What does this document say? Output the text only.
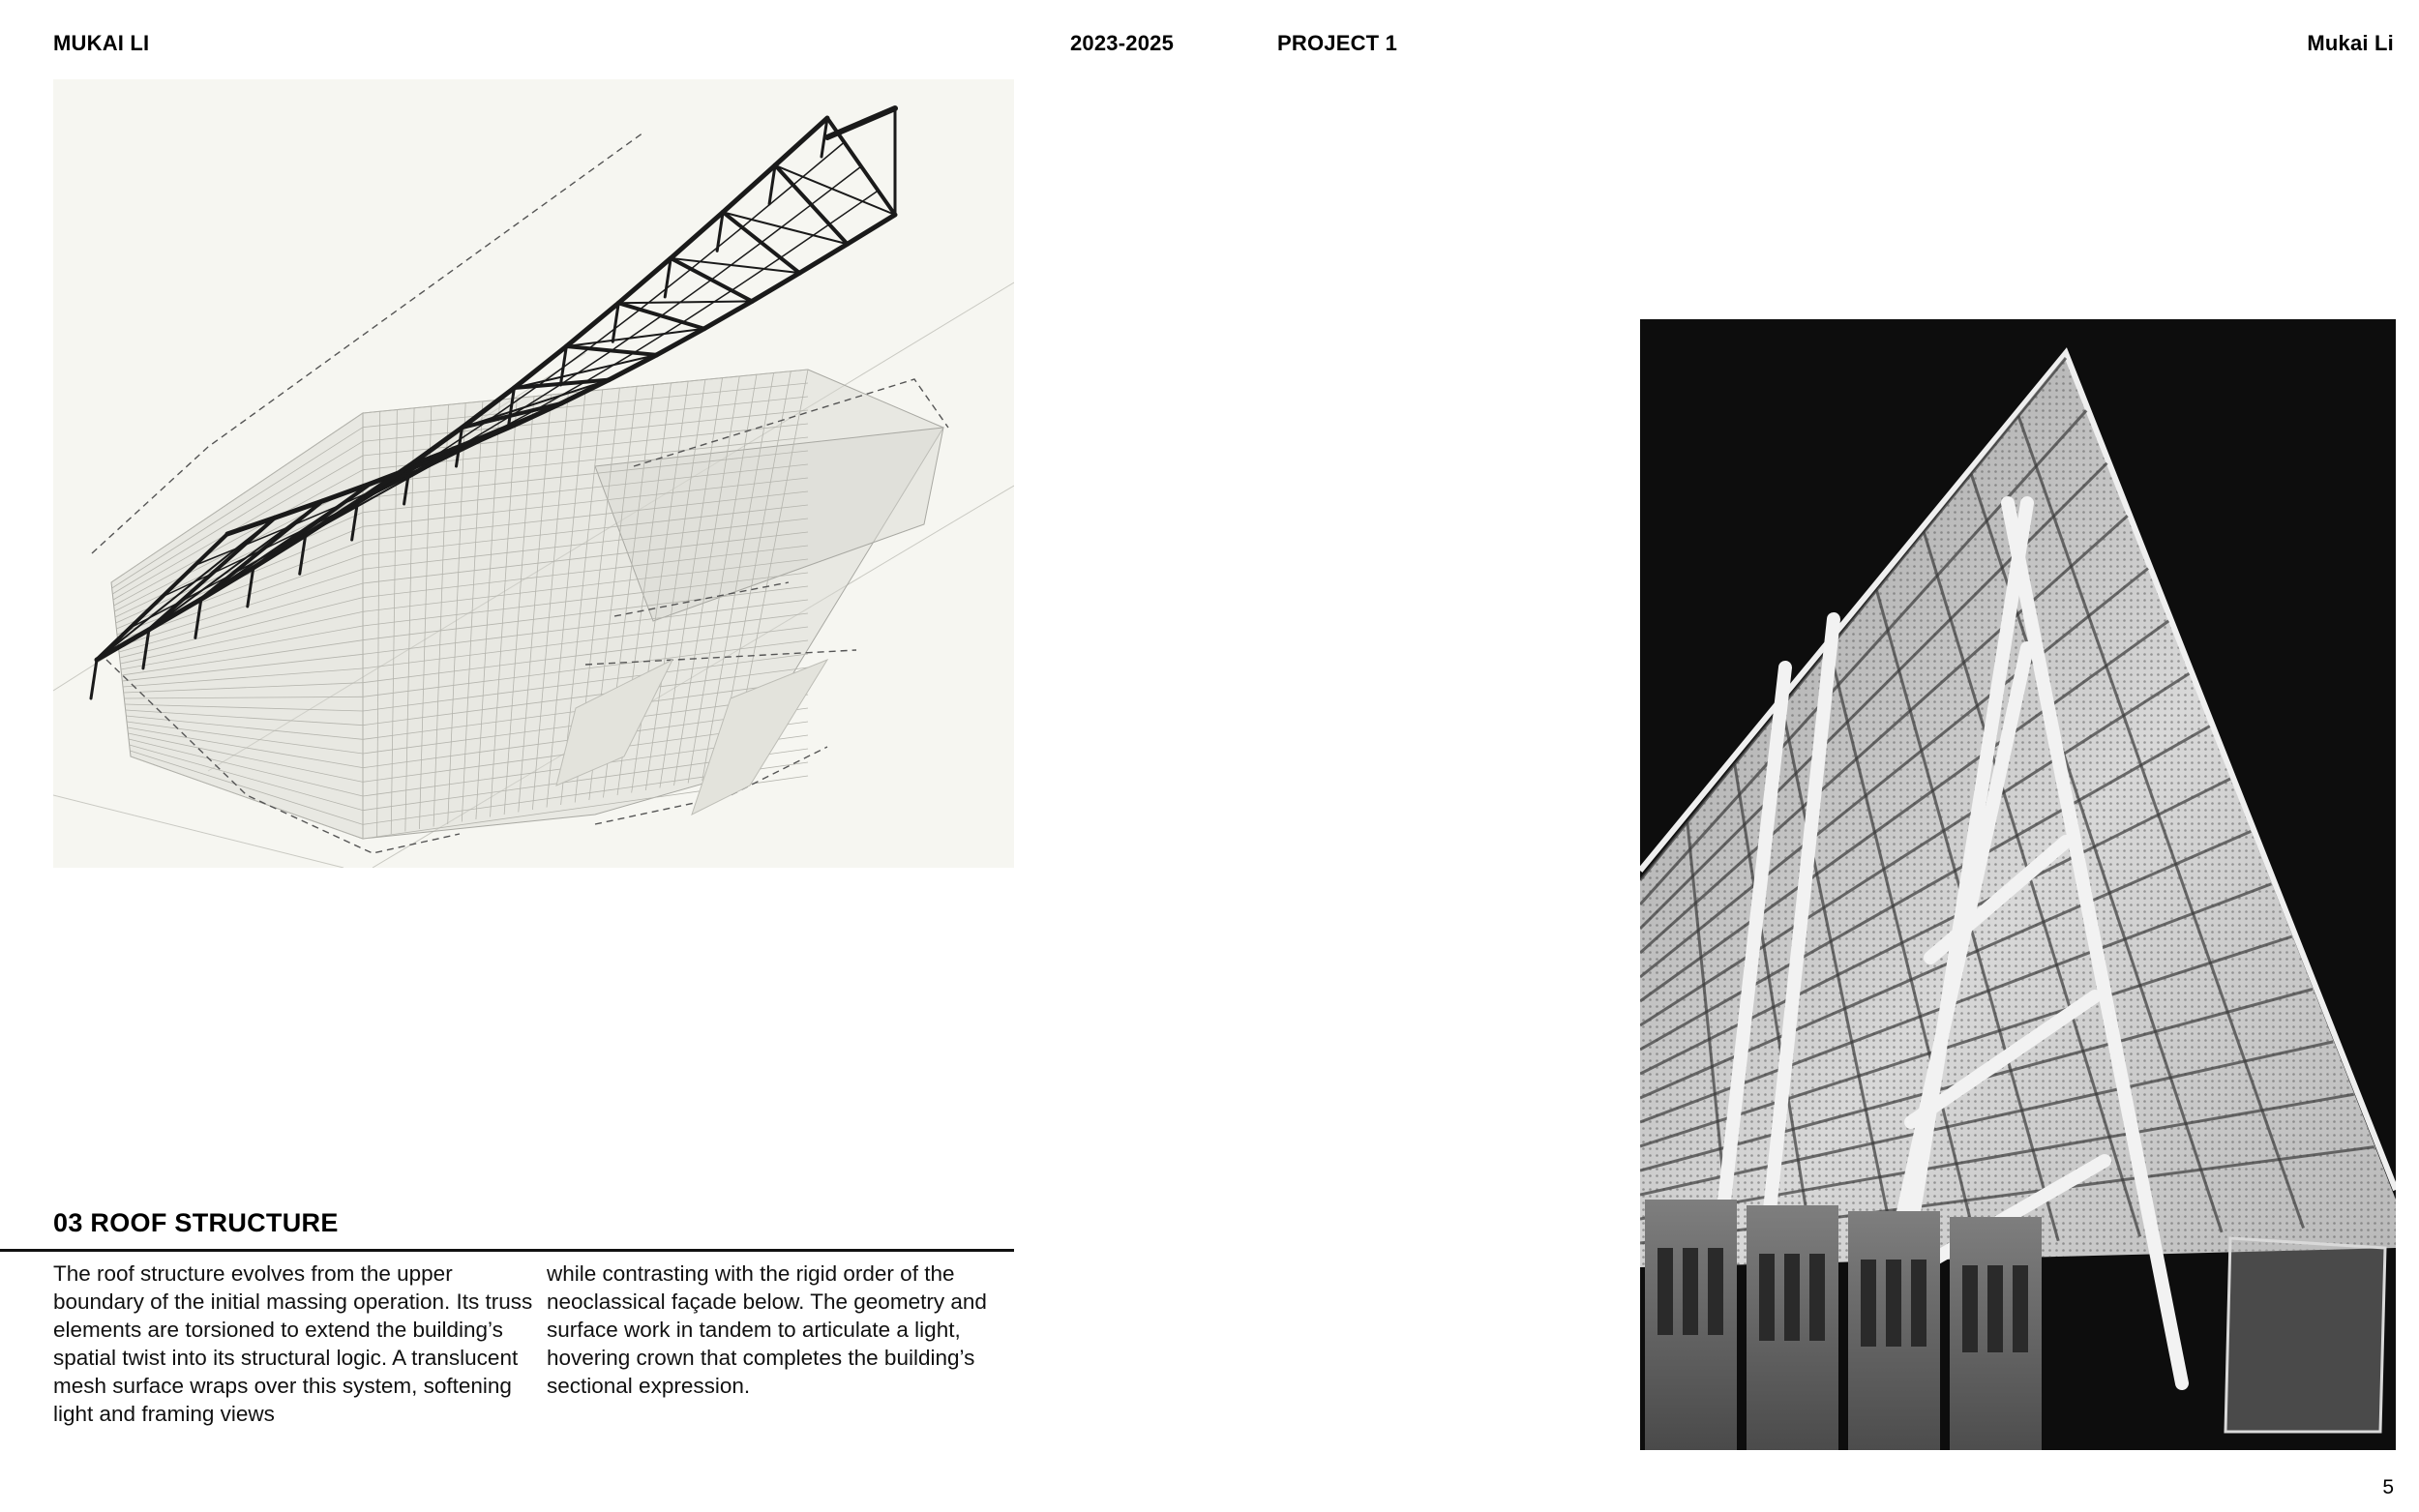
MUKAI LI	2023-2025	PROJECT 1	Mukai Li
03 ROOF STRUCTURE

The roof structure evolves from the upper boundary of the initial massing operation. Its truss elements are torsioned to extend the building’s spatial twist into its structural logic. A translucent mesh surface wraps over this system, softening light and framing views

while contrasting with the rigid order of the neoclassical façade below. The geometry and surface work in tandem to articulate a light, hovering crown that completes the building’s sectional expression.

5
